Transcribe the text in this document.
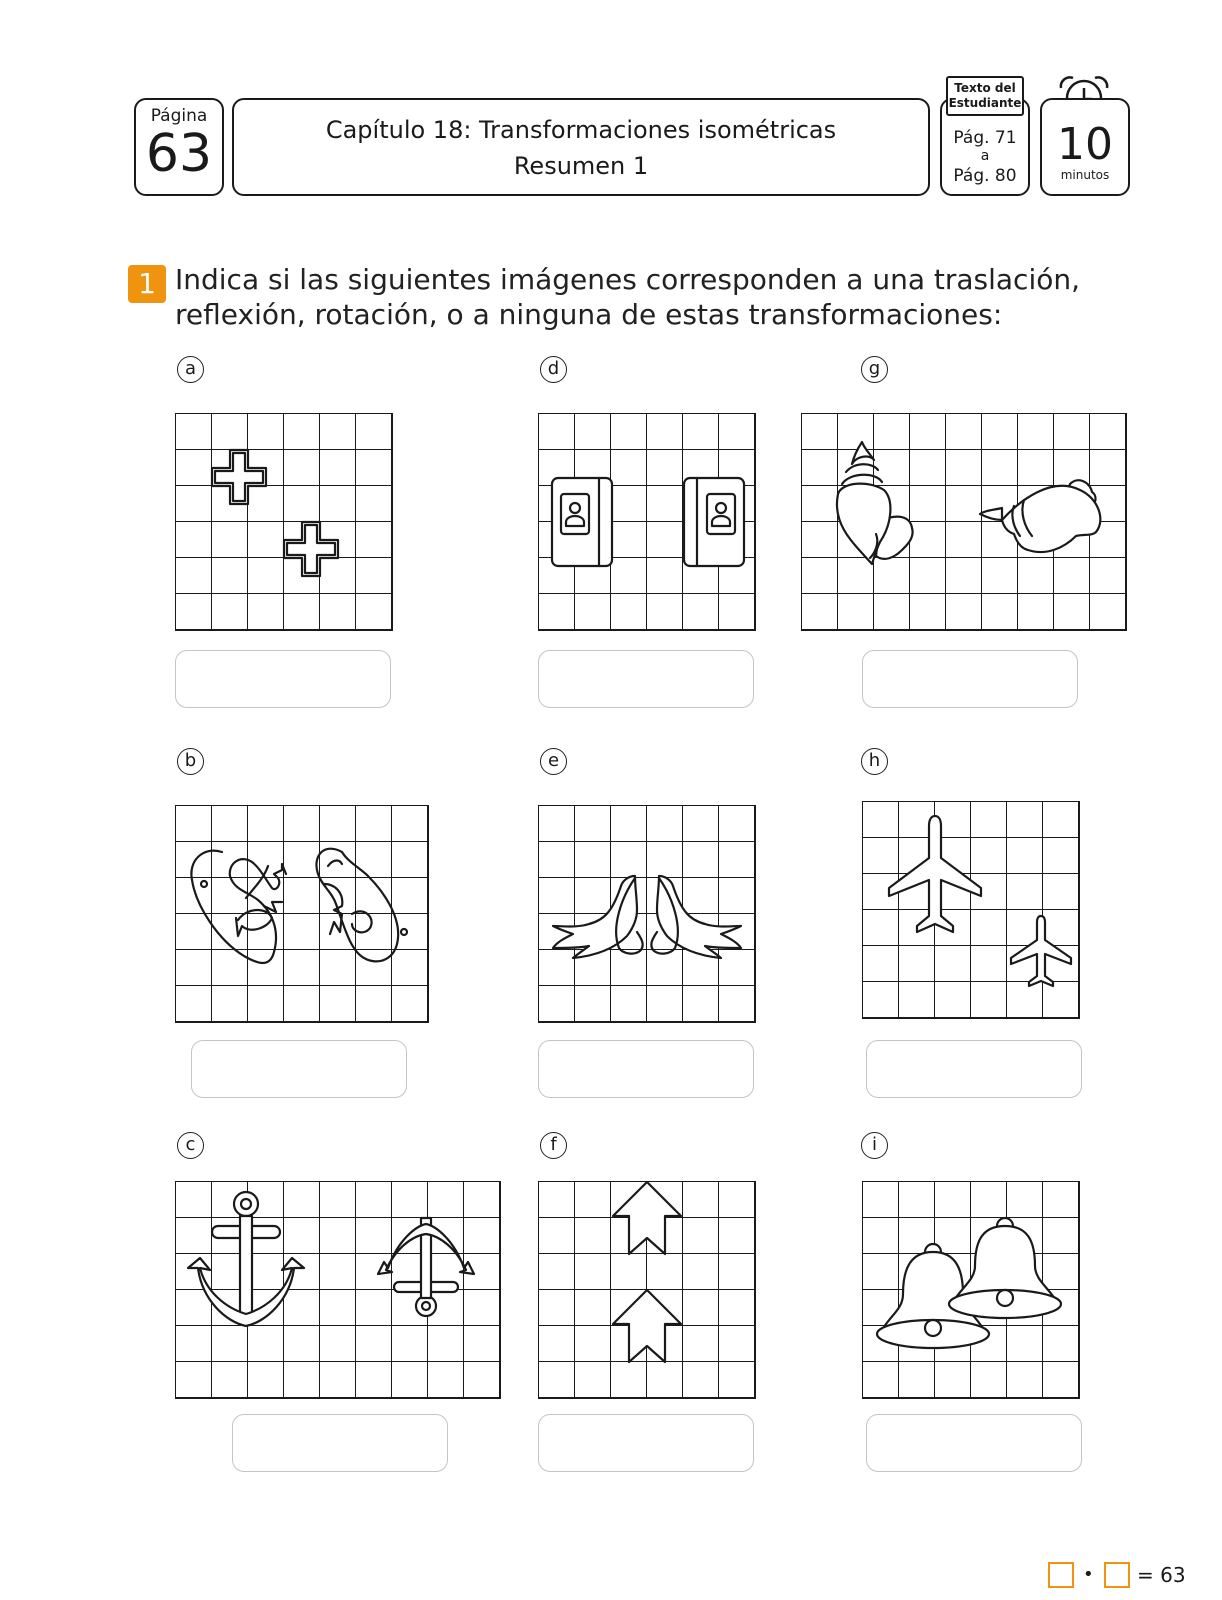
Página
63	Capítulo 18: Transformaciones isométricas
Resumen 1
Texto del
Estudiante
Pág. 71
a
Pág. 80
10
minutos
1 Indica si las siguientes imágenes corresponden a una traslación,
reflexión, rotación, o a ninguna de estas transformaciones:
a	d	g
b	e	h
c	f	i
• = 63
